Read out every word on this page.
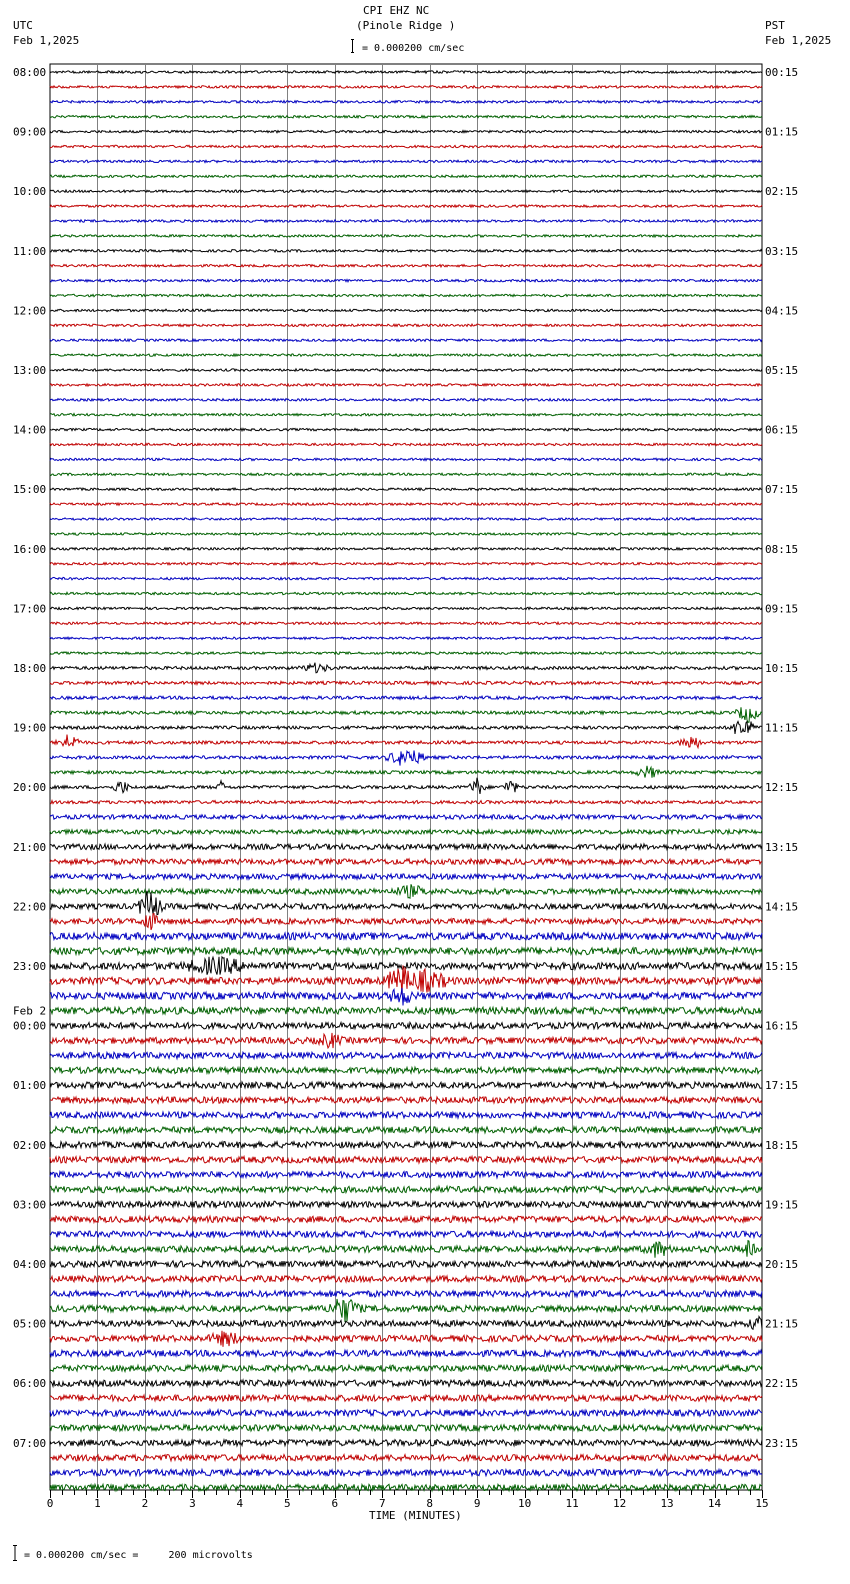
CPI EHZ NC
(Pinole Ridge )
UTC
Feb 1,2025
PST
Feb 1,2025
= 0.000200 cm/sec
08:00
09:00
10:00
11:00
12:00
13:00
14:00
15:00
16:00
17:00
18:00
19:00
20:00
21:00
22:00
23:00
00:00
01:00
02:00
03:00
04:00
05:00
06:00
07:00
00:15
01:15
02:15
03:15
04:15
05:15
06:15
07:15
08:15
09:15
10:15
11:15
12:15
13:15
14:15
15:15
16:15
17:15
18:15
19:15
20:15
21:15
22:15
23:15
Feb 2
0	1	2	3	4	5	6	7	8	9	10	11	12	13	14	15
TIME (MINUTES)
= 0.000200 cm/sec =     200 microvolts
